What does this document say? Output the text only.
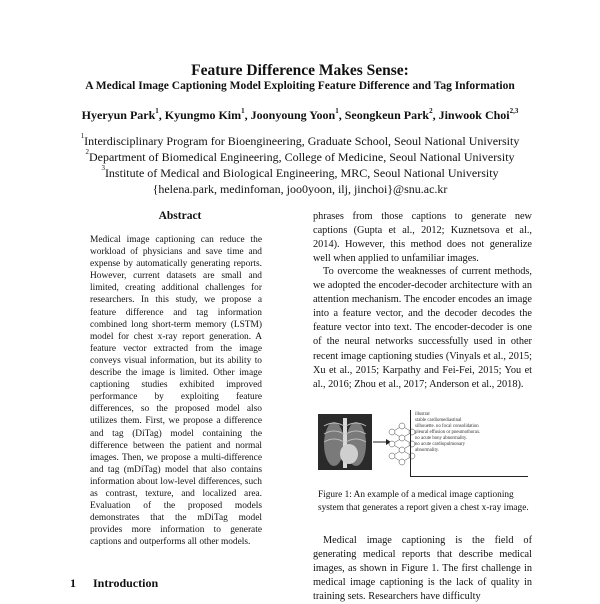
Feature Difference Makes Sense:
A Medical Image Captioning Model Exploiting Feature Difference and Tag Information
Hyeryun Park$^1$, Kyungmo Kim$^1$, Joonyoung Yoon$^1$, Seongkeun Park$^2$, Jinwook Choi$^{2,3}$
$^1$Interdisciplinary Program for Bioengineering, Graduate School, Seoul National University
$^2$Department of Biomedical Engineering, College of Medicine, Seoul National University
$^3$Institute of Medical and Biological Engineering, MRC, Seoul National University
{helena.park, medinfoman, joo0yoon, ilj, jinchoi}@snu.ac.kr
Abstract
Medical image captioning can reduce the workload of physicians and save time and expense by automatically generating reports. However, current datasets are small and limited, creating additional challenges for researchers. In this study, we propose a feature difference and tag information combined long short-term memory (LSTM) model for chest x-ray report generation. A feature vector extracted from the image conveys visual information, but its ability to describe the image is limited. Other image captioning studies exhibited improved performance by exploiting feature differences, so the proposed model also utilizes them. First, we propose a difference and tag (DiTag) model containing the difference between the patient and normal images. Then, we propose a multi-difference and tag (mDiTag) model that also contains information about low-level differences, such as contrast, texture, and localized area. Evaluation of the proposed models demonstrates that the mDiTag model provides more information to generate captions and outperforms all other models.
1 Introduction
phrases from those captions to generate new captions (Gupta et al., 2012; Kuznetsova et al., 2014). However, this method does not generalize well when applied to unfamiliar images.
To overcome the weaknesses of current methods, we adopted the encoder-decoder architecture with an attention mechanism. The encoder encodes an image into a feature vector, and the decoder decodes the feature vector into text. The encoder-decoder is one of the neural networks successfully used in other recent image captioning studies (Vinyals et al., 2015; Xu et al., 2015; Karpathy and Fei-Fei, 2015; You et al., 2016; Zhou et al., 2017; Anderson et al., 2018).
illustrat
stable cardiomediastinal
silhouette. no focal consolidation
pleural effusion or pneumothorax.
no acute bony abnormality.
no acute cardiopulmonary
abnormality.
Figure 1: An example of a medical image captioning system that generates a report given a chest x-ray image.
Medical image captioning is the field of generating medical reports that describe medical images, as shown in Figure 1. The first challenge in medical image captioning is the lack of quality in training sets. Researchers have difficulty
